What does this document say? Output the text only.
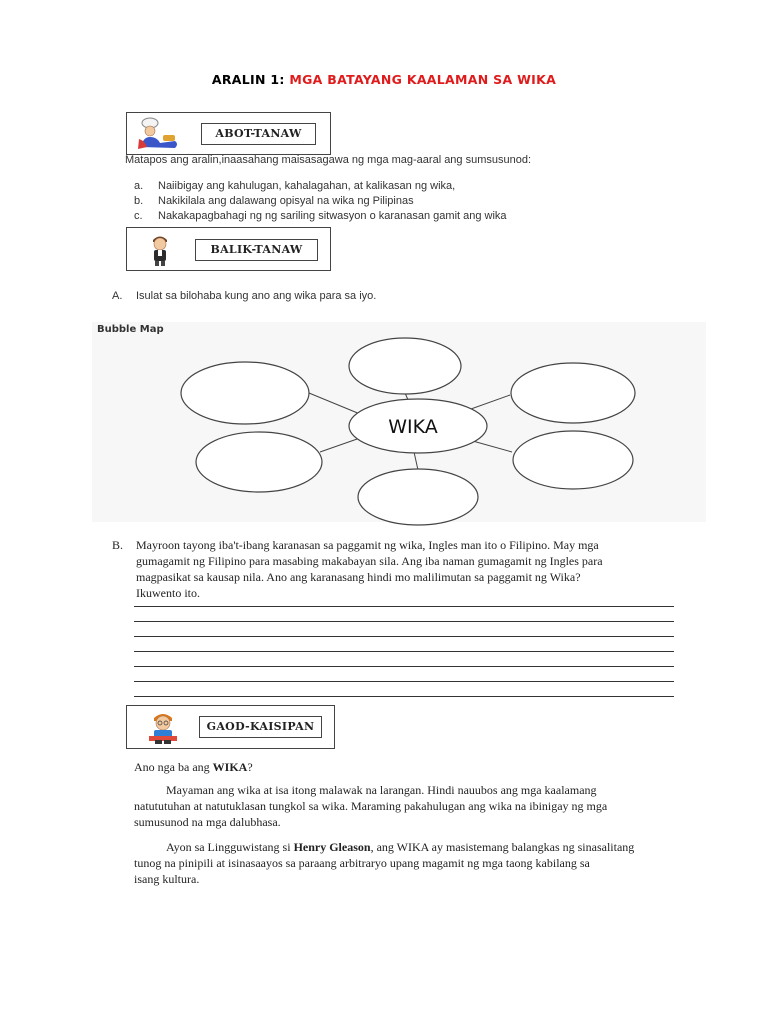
ARALIN 1: MGA BATAYANG KAALAMAN SA WIKA
ABOT-TANAW
Matapos ang aralin,inaasahang maisasagawa ng mga mag-aaral ang sumsusunod:
a. Naiibigay ang kahulugan, kahalagahan, at kalikasan ng wika,
b. Nakikilala ang dalawang opisyal na wika ng Pilipinas
c. Nakakapagbahagi ng ng sariling sitwasyon o karanasan gamit ang wika
BALIK-TANAW
A. Isulat sa bilohaba kung ano ang wika para sa iyo.
Bubble Map
WIKA
B. Mayroon tayong iba't-ibang karanasan sa paggamit ng wika, Ingles man ito o Filipino. May mga
gumagamit ng Filipino para masabing makabayan sila. Ang iba naman gumagamit ng Ingles para
magpasikat sa kausap nila. Ano ang karanasang hindi mo malilimutan sa paggamit ng Wika?
Ikuwento ito.
GAOD-KAISIPAN
Ano nga ba ang WIKA?
Mayaman ang wika at isa itong malawak na larangan. Hindi nauubos ang mga kaalamang
natututuhan at natutuklasan tungkol sa wika. Maraming pakahulugan ang wika na ibinigay ng mga
sumusunod na mga dalubhasa.
Ayon sa Lingguwistang si Henry Gleason, ang WIKA ay masistemang balangkas ng sinasalitang
tunog na pinipili at isinasaayos sa paraang arbitraryo upang magamit ng mga taong kabilang sa
isang kultura.
